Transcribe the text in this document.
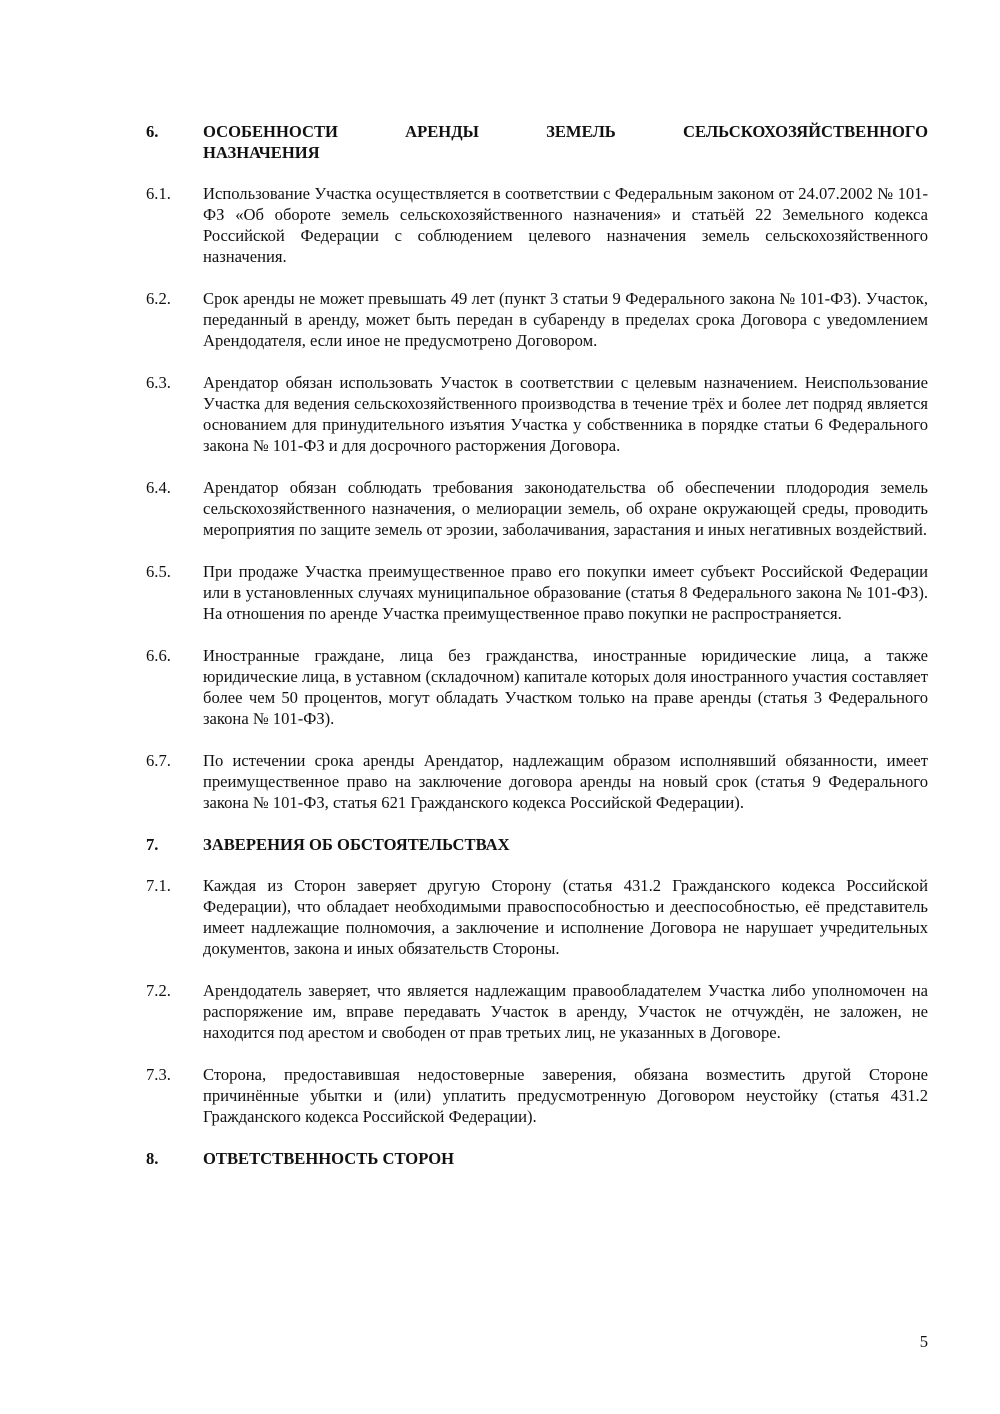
6.	ОСОБЕННОСТИ	АРЕНДЫ	ЗЕМЕЛЬ	СЕЛЬСКОХОЗЯЙСТВЕННОГО
НАЗНАЧЕНИЯ
6.1.	Использование Участка осуществляется в соответствии с Федеральным законом от 24.07.2002 № 101-ФЗ «Об обороте земель сельскохозяйственного назначения» и статьёй 22 Земельного кодекса Российской Федерации с соблюдением целевого назначения земель сельскохозяйственного назначения.
6.2.	Срок аренды не может превышать 49 лет (пункт 3 статьи 9 Федерального закона № 101-ФЗ). Участок, переданный в аренду, может быть передан в субаренду в пределах срока Договора с уведомлением Арендодателя, если иное не предусмотрено Договором.
6.3.	Арендатор обязан использовать Участок в соответствии с целевым назначением. Неиспользование Участка для ведения сельскохозяйственного производства в течение трёх и более лет подряд является основанием для принудительного изъятия Участка у собственника в порядке статьи 6 Федерального закона № 101-ФЗ и для досрочного расторжения Договора.
6.4.	Арендатор обязан соблюдать требования законодательства об обеспечении плодородия земель сельскохозяйственного назначения, о мелиорации земель, об охране окружающей среды, проводить мероприятия по защите земель от эрозии, заболачивания, зарастания и иных негативных воздействий.
6.5.	При продаже Участка преимущественное право его покупки имеет субъект Российской Федерации или в установленных случаях муниципальное образование (статья 8 Федерального закона № 101-ФЗ). На отношения по аренде Участка преимущественное право покупки не распространяется.
6.6.	Иностранные граждане, лица без гражданства, иностранные юридические лица, а также юридические лица, в уставном (складочном) капитале которых доля иностранного участия составляет более чем 50 процентов, могут обладать Участком только на праве аренды (статья 3 Федерального закона № 101-ФЗ).
6.7.	По истечении срока аренды Арендатор, надлежащим образом исполнявший обязанности, имеет преимущественное право на заключение договора аренды на новый срок (статья 9 Федерального закона № 101-ФЗ, статья 621 Гражданского кодекса Российской Федерации).
7.	ЗАВЕРЕНИЯ ОБ ОБСТОЯТЕЛЬСТВАХ
7.1.	Каждая из Сторон заверяет другую Сторону (статья 431.2 Гражданского кодекса Российской Федерации), что обладает необходимыми правоспособностью и дееспособностью, её представитель имеет надлежащие полномочия, а заключение и исполнение Договора не нарушает учредительных документов, закона и иных обязательств Стороны.
7.2.	Арендодатель заверяет, что является надлежащим правообладателем Участка либо уполномочен на распоряжение им, вправе передавать Участок в аренду, Участок не отчуждён, не заложен, не находится под арестом и свободен от прав третьих лиц, не указанных в Договоре.
7.3.	Сторона, предоставившая недостоверные заверения, обязана возместить другой Стороне причинённые убытки и (или) уплатить предусмотренную Договором неустойку (статья 431.2 Гражданского кодекса Российской Федерации).
8.	ОТВЕТСТВЕННОСТЬ СТОРОН
5
